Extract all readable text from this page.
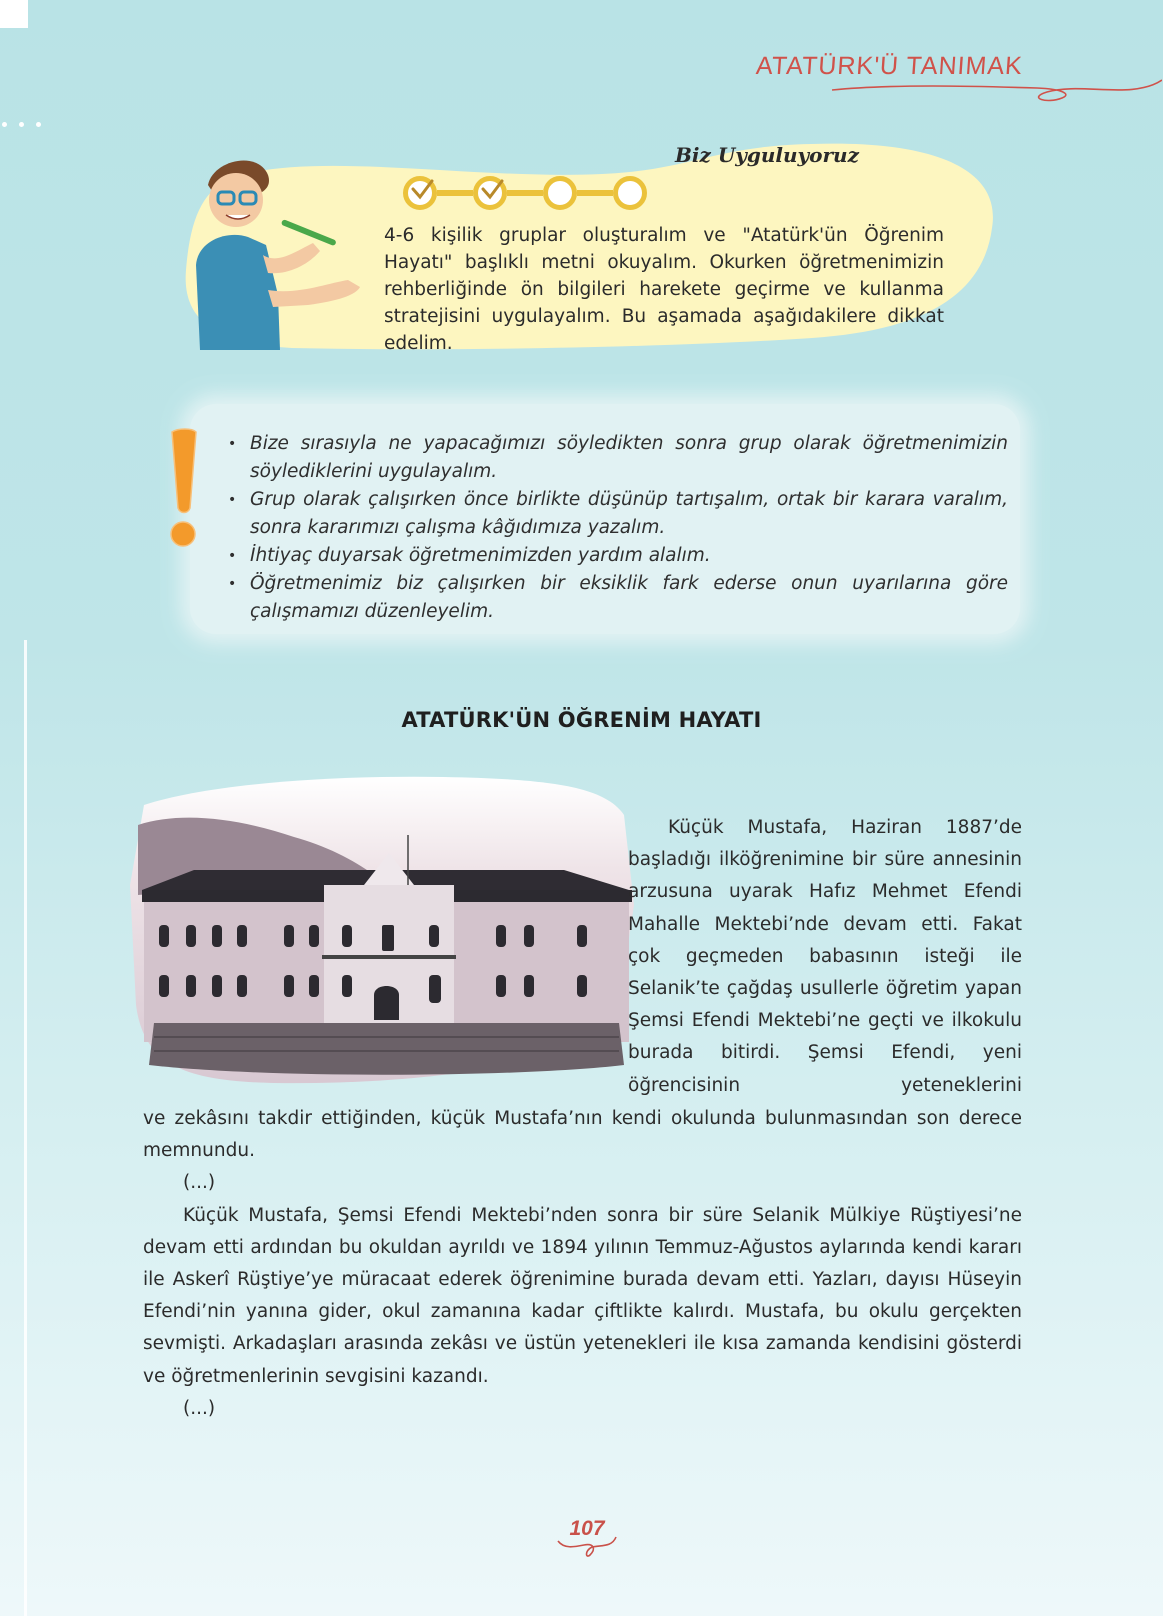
ATATÜRK'Ü TANIMAK
Biz Uyguluyoruz
4-6 kişilik gruplar oluşturalım ve "Atatürk'ün Öğrenim Hayatı" başlıklı metni okuyalım. Okurken öğretmenimizin rehberliğinde ön bilgileri harekete geçirme ve kullanma stratejisini uygulayalım. Bu aşamada aşağıdakilere dikkat edelim.
• Bize sırasıyla ne yapacağımızı söyledikten sonra grup olarak öğretmenimizin söylediklerini uygulayalım.
• Grup olarak çalışırken önce birlikte düşünüp tartışalım, ortak bir karara varalım, sonra kararımızı çalışma kâğıdımıza yazalım.
• İhtiyaç duyarsak öğretmenimizden yardım alalım.
• Öğretmenimiz biz çalışırken bir eksiklik fark ederse onun uyarılarına göre çalışmamızı düzenleyelim.
ATATÜRK'ÜN ÖĞRENİM HAYATI

Küçük Mustafa, Haziran 1887’de başladığı ilköğrenimine bir süre annesinin arzusuna uyarak Hafız Mehmet Efendi Mahalle Mektebi’nde devam etti. Fakat çok geçmeden babasının isteği ile Selanik’te çağdaş usullerle öğretim yapan Şemsi Efendi Mektebi’ne geçti ve ilkokulu burada bitirdi. Şemsi Efendi, yeni öğrencisinin yeteneklerini

ve zekâsını takdir ettiğinden, küçük Mustafa’nın kendi okulunda bulunmasından son derece memnundu.

(...)

Küçük Mustafa, Şemsi Efendi Mektebi’nden sonra bir süre Selanik Mülkiye Rüştiyesi’ne devam etti ardından bu okuldan ayrıldı ve 1894 yılının Temmuz-Ağustos aylarında kendi kararı ile Askerî Rüştiye’ye müracaat ederek öğrenimine burada devam etti. Yazları, dayısı Hüseyin Efendi’nin yanına gider, okul zamanına kadar çiftlikte kalırdı. Mustafa, bu okulu gerçekten sevmişti. Arkadaşları arasında zekâsı ve üstün yetenekleri ile kısa zamanda kendisini gösterdi ve öğretmenlerinin sevgisini kazandı.

(...)

107
